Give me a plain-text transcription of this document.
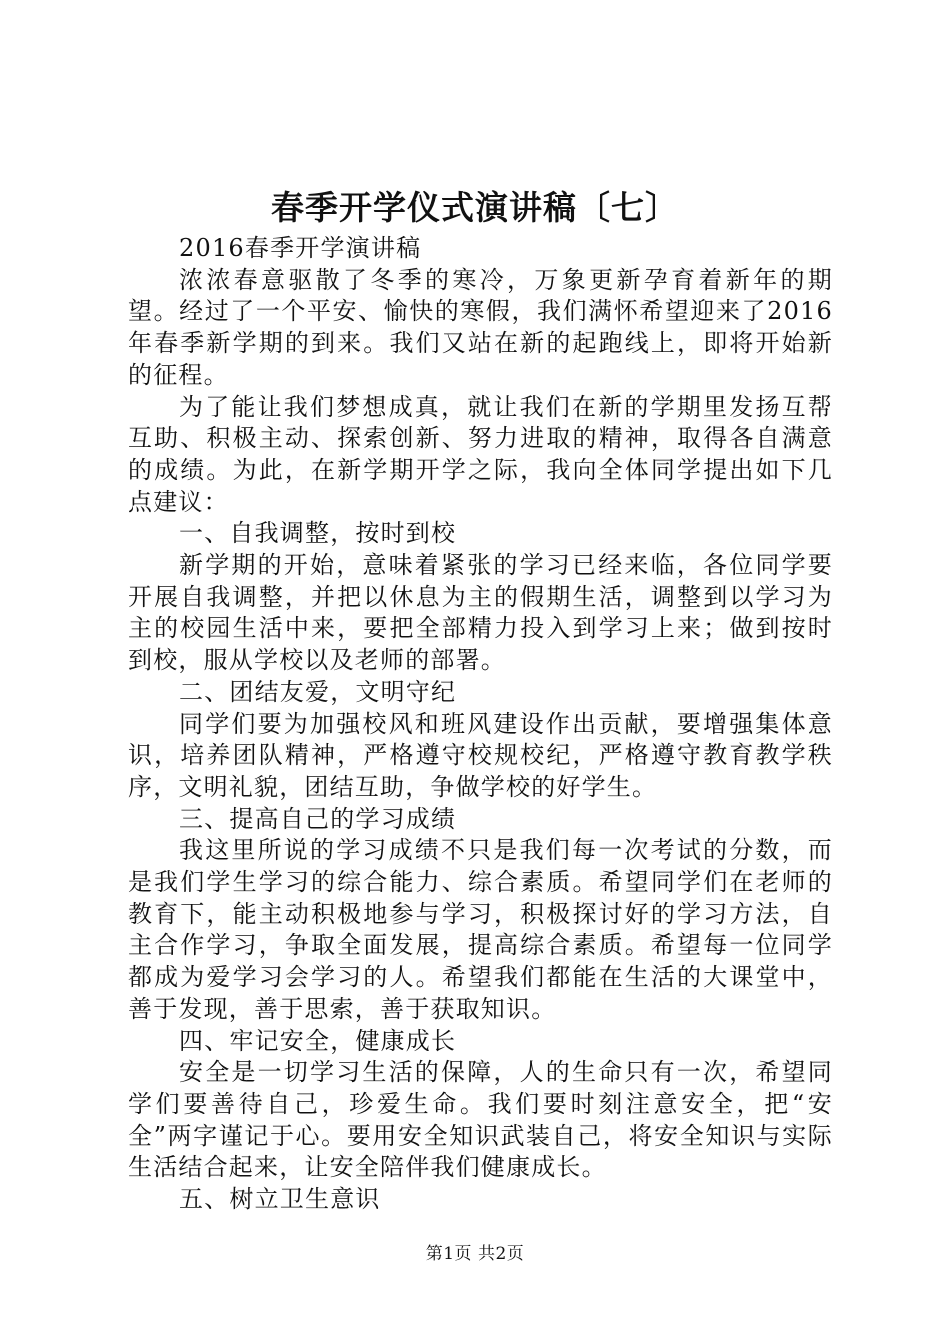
春季开学仪式演讲稿〔七〕

2016春季开学演讲稿

浓浓春意驱散了冬季的寒冷，万象更新孕育着新年的期望。经过了一个平安、愉快的寒假，我们满怀希望迎来了2016年春季新学期的到来。我们又站在新的起跑线上，即将开始新的征程。

为了能让我们梦想成真，就让我们在新的学期里发扬互帮互助、积极主动、探索创新、努力进取的精神，取得各自满意的成绩。为此，在新学期开学之际，我向全体同学提出如下几点建议：

一、自我调整，按时到校

新学期的开始，意味着紧张的学习已经来临，各位同学要开展自我调整，并把以休息为主的假期生活，调整到以学习为主的校园生活中来，要把全部精力投入到学习上来；做到按时到校，服从学校以及老师的部署。

二、团结友爱，文明守纪

同学们要为加强校风和班风建设作出贡献，要增强集体意识，培养团队精神，严格遵守校规校纪，严格遵守教育教学秩序，文明礼貌，团结互助，争做学校的好学生。

三、提高自己的学习成绩

我这里所说的学习成绩不只是我们每一次考试的分数，而是我们学生学习的综合能力、综合素质。希望同学们在老师的教育下，能主动积极地参与学习，积极探讨好的学习方法，自主合作学习，争取全面发展，提高综合素质。希望每一位同学都成为爱学习会学习的人。希望我们都能在生活的大课堂中，善于发现，善于思索，善于获取知识。

四、牢记安全，健康成长

安全是一切学习生活的保障，人的生命只有一次，希望同学们要善待自己，珍爱生命。我们要时刻注意安全，把“安全”两字谨记于心。要用安全知识武装自己，将安全知识与实际生活结合起来，让安全陪伴我们健康成长。

五、树立卫生意识

第1页 共2页
